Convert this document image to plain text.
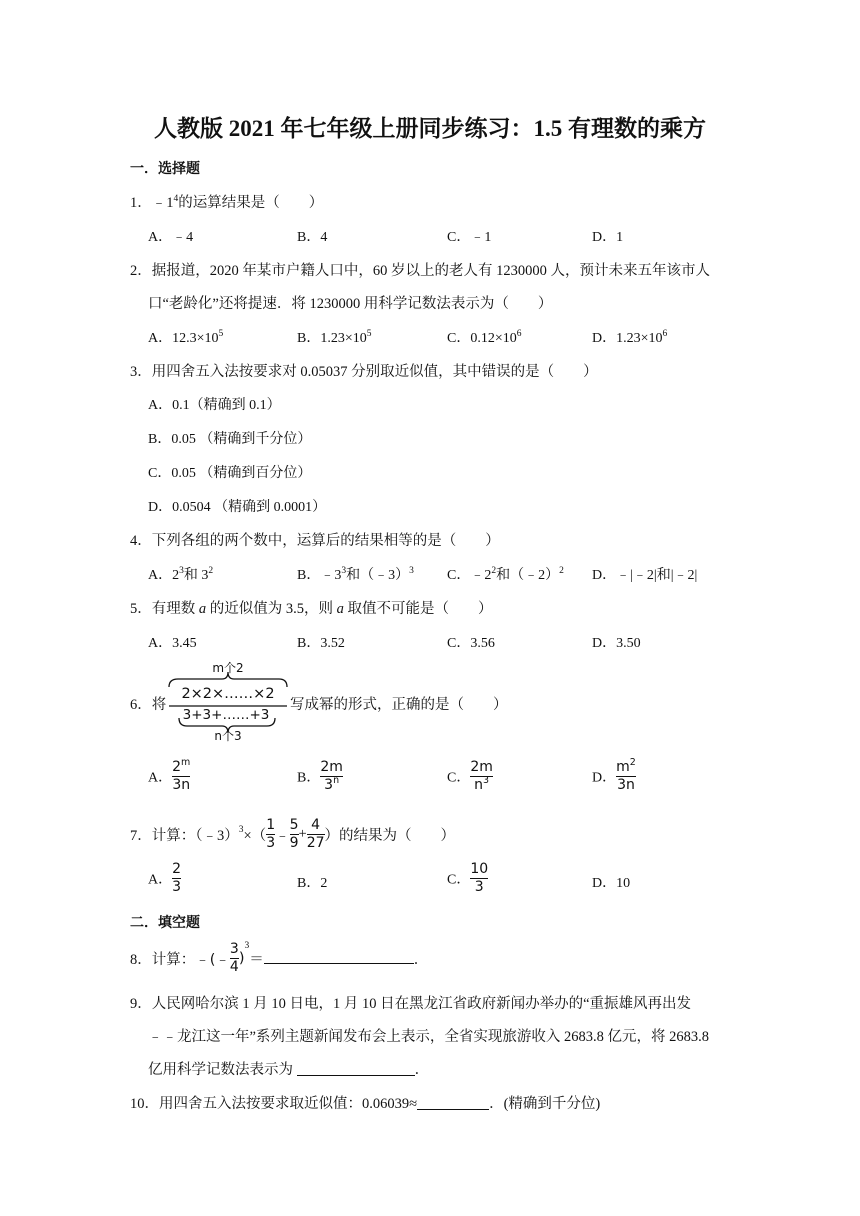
人教版 2021 年七年级上册同步练习：1.5 有理数的乘方
一．选择题
1．$﹣1^4$的运算结果是（　　）
A．﹣4	B．4	C．﹣1	D．1
2．据报道，2020 年某市户籍人口中，60 岁以上的老人有 1230000 人，预计未来五年该市人
口“老龄化”还将提速．将 1230000 用科学记数法表示为（　　）
A．$12.3\times 10^5$	B．$1.23\times 10^5$	C．$0.12\times 10^6$	D．$1.23\times 10^6$
3．用四舍五入法按要求对 0.05037 分别取近似值，其中错误的是（　　）
A．0.1（精确到 0.1）
B．0.05 （精确到千分位）
C．0.05 （精确到百分位）
D．0.0504 （精确到 0.0001）
4．下列各组的两个数中，运算后的结果相等的是（　　）
A．$2^3$和 $3^2$	B．$﹣3^3$和（﹣3）$^3$ C．$﹣2^2$和（﹣2）$^2$ D．﹣|﹣2|和|﹣2|
5．有理数 a 的近似值为 3.5，则 a 取值不可能是（　　）
A．3.45	B．3.52	C．3.56	D．3.50
6．将
m个2
2×2×……×2
3+3+……+3
n个3
写成幂的形式，正确的是（　　）
A． $\frac{2^m}{3n}$	B． $\frac{2m}{3^n}$	C． $\frac{2m}{n^3}$	D． $\frac{m^2}{3n}$
7．计算：（﹣3）$^3$×（ $\frac{1}{3}$ ﹣ $\frac{5}{9} + \frac{4}{27}$ ）的结果为（　　）
A． $\frac{2}{3}$	B．2	C． $\frac{10}{3}$	D．10
二．填空题
8．计算：﹣(﹣ $\frac{3}{4} )^3=$	．
9．人民网哈尔滨 1 月 10 日电，1 月 10 日在黑龙江省政府新闻办举办的“重振雄风再出发
﹣﹣龙江这一年”系列主题新闻发布会上表示，全省实现旅游收入 2683.8 亿元，将 2683.8
亿用科学记数法表示为	．
10．用四舍五入法按要求取近似值：0.06039≈	．(精确到千分位)
